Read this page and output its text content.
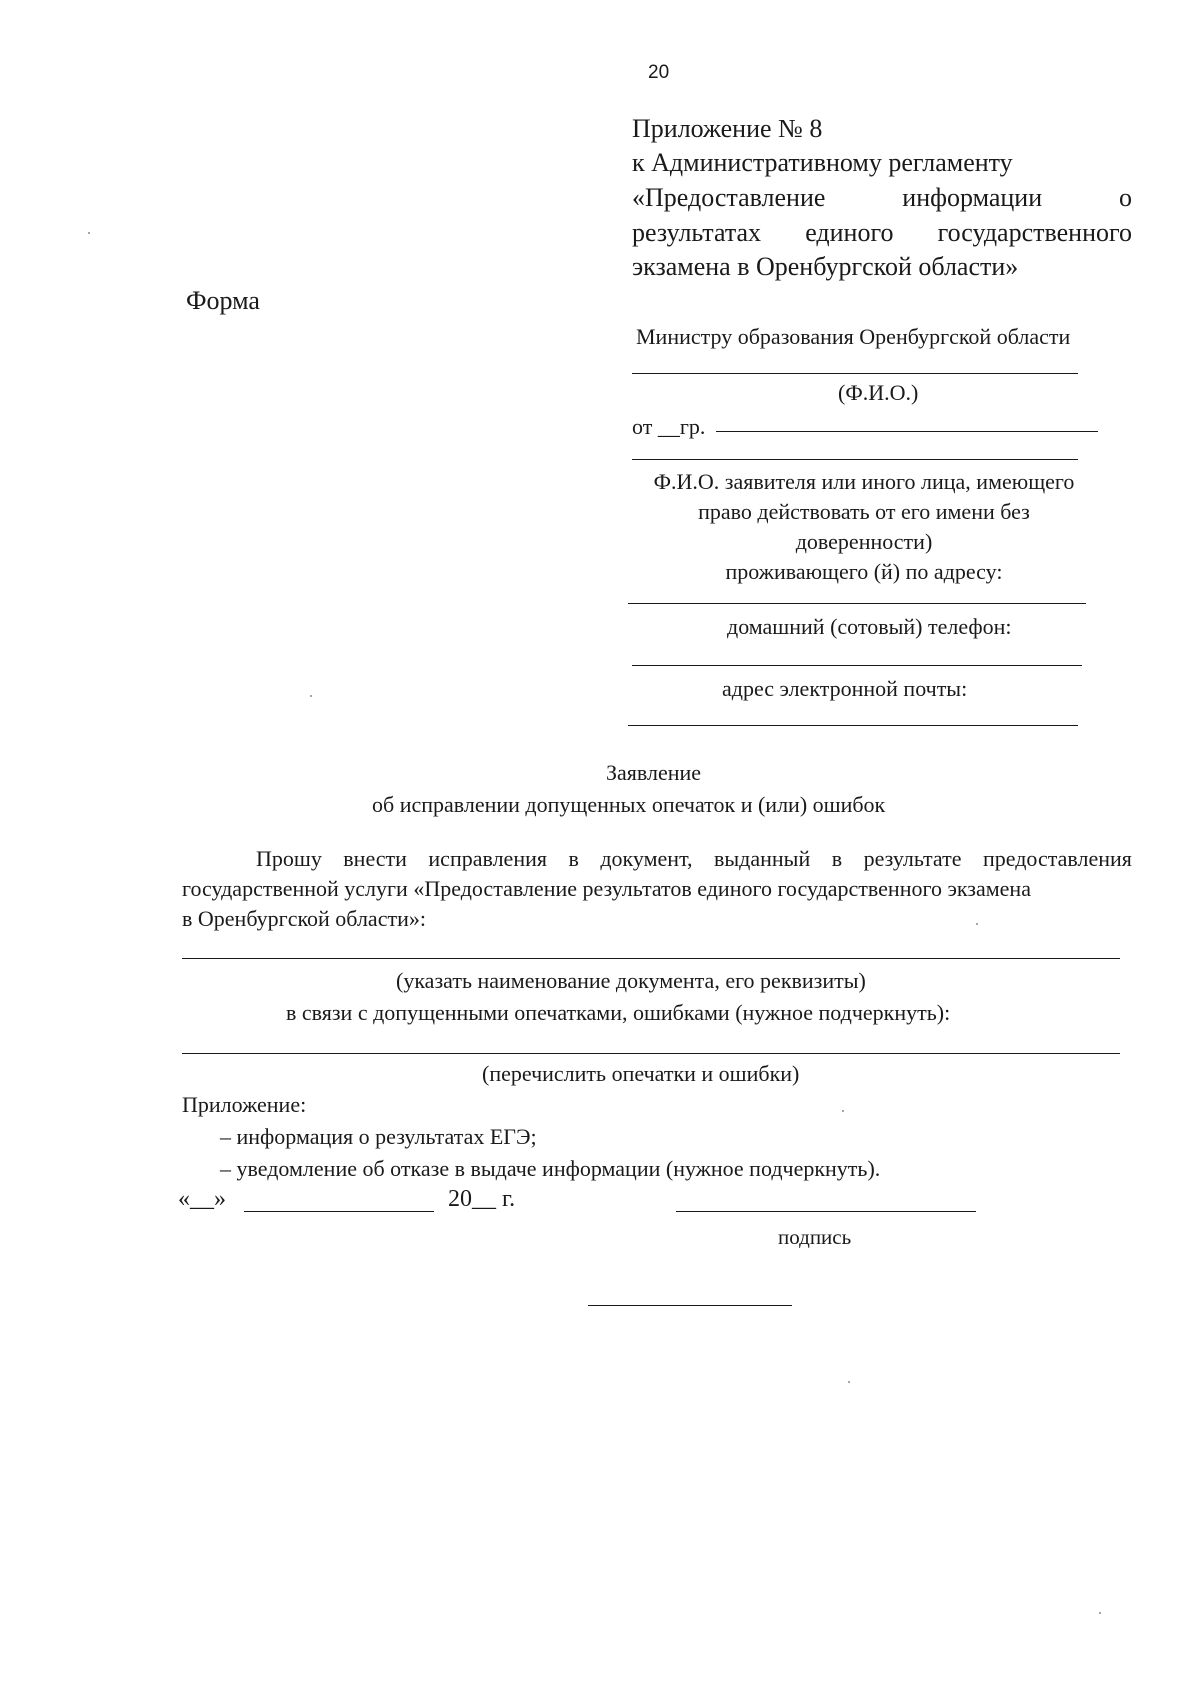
20
Приложение № 8
к Административному регламенту
«Предоставление	информации	о
результатах единого государственного
экзамена в Оренбургской области»
Форма
Министру образования Оренбургской области
(Ф.И.О.)
от __гр.
Ф.И.О. заявителя или иного лица, имеющего
право действовать от его имени без
доверенности)
проживающего (й) по адресу:
домашний (сотовый) телефон:
адрес электронной почты:
Заявление
об исправлении допущенных опечаток и (или) ошибок
Прошу внести исправления в документ, выданный в результате предоставления
государственной услуги «Предоставление результатов единого государственного экзамена
в Оренбургской области»:
(указать наименование документа, его реквизиты)
в связи с допущенными опечатками, ошибками (нужное подчеркнуть):
(перечислить опечатки и ошибки)
Приложение:
– информация о результатах ЕГЭ;
– уведомление об отказе в выдаче информации (нужное подчеркнуть).
«__»	20__ г.
подпись
